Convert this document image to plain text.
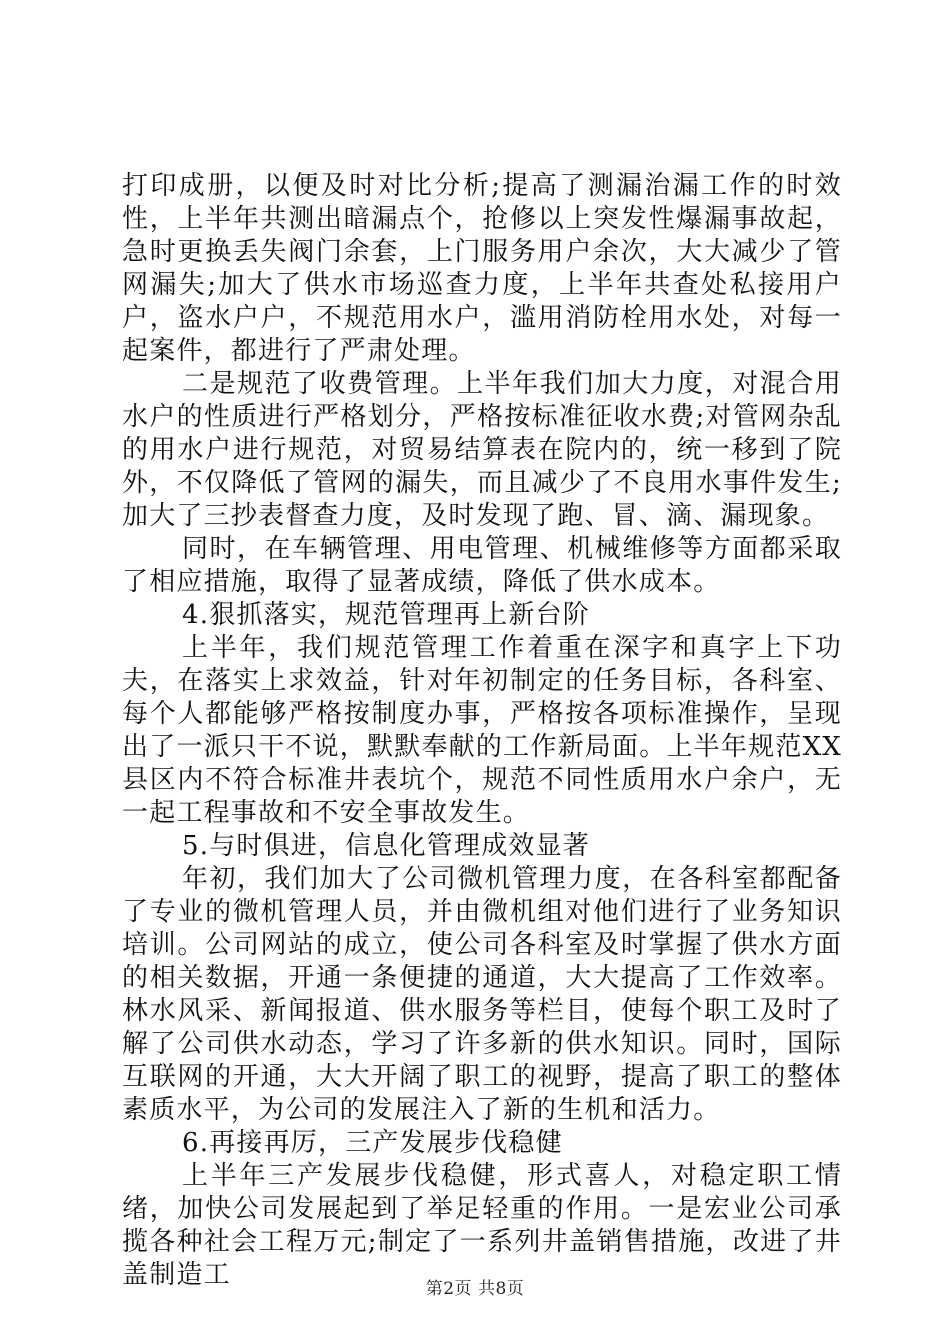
打印成册，以便及时对比分析;提高了测漏治漏工作的时效性，上半年共测出暗漏点个，抢修以上突发性爆漏事故起，急时更换丢失阀门余套，上门服务用户余次，大大减少了管网漏失;加大了供水市场巡查力度，上半年共查处私接用户户，盗水户户，不规范用水户，滥用消防栓用水处，对每一起案件，都进行了严肃处理。

二是规范了收费管理。上半年我们加大力度，对混合用水户的性质进行严格划分，严格按标准征收水费;对管网杂乱的用水户进行规范，对贸易结算表在院内的，统一移到了院外，不仅降低了管网的漏失，而且减少了不良用水事件发生;加大了三抄表督查力度，及时发现了跑、冒、滴、漏现象。

同时，在车辆管理、用电管理、机械维修等方面都采取了相应措施，取得了显著成绩，降低了供水成本。

4.狠抓落实，规范管理再上新台阶

上半年，我们规范管理工作着重在深字和真字上下功夫，在落实上求效益，针对年初制定的任务目标，各科室、每个人都能够严格按制度办事，严格按各项标准操作，呈现出了一派只干不说，默默奉献的工作新局面。上半年规范XX县区内不符合标准井表坑个，规范不同性质用水户余户，无一起工程事故和不安全事故发生。

5.与时俱进，信息化管理成效显著

年初，我们加大了公司微机管理力度，在各科室都配备了专业的微机管理人员，并由微机组对他们进行了业务知识培训。公司网站的成立，使公司各科室及时掌握了供水方面的相关数据，开通一条便捷的通道，大大提高了工作效率。林水风采、新闻报道、供水服务等栏目，使每个职工及时了解了公司供水动态，学习了许多新的供水知识。同时，国际互联网的开通，大大开阔了职工的视野，提高了职工的整体素质水平，为公司的发展注入了新的生机和活力。

6.再接再厉，三产发展步伐稳健

上半年三产发展步伐稳健，形式喜人，对稳定职工情绪，加快公司发展起到了举足轻重的作用。一是宏业公司承揽各种社会工程万元;制定了一系列井盖销售措施，改进了井盖制造工	第2页 共8页
